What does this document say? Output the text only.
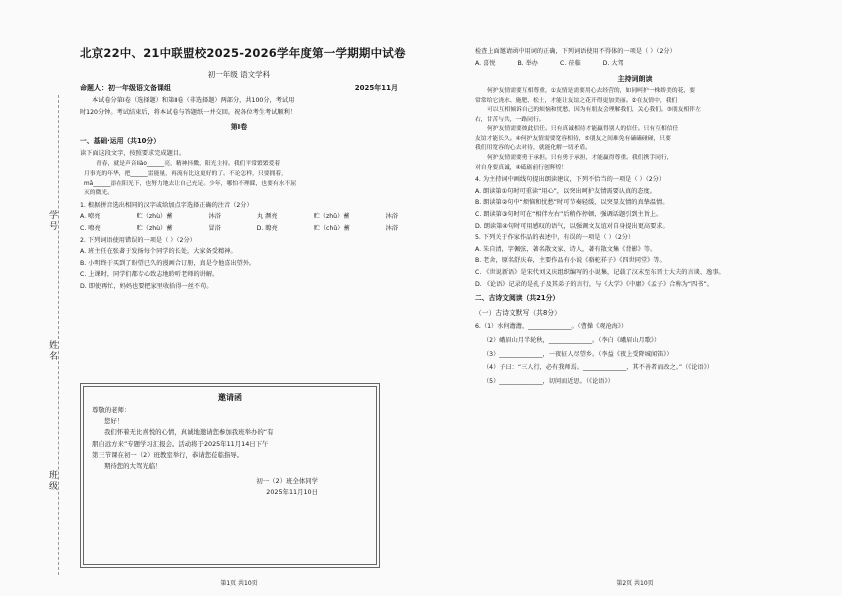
学号
姓名
班级
北京22中、21中联盟校2025-2026学年度第一学期期中试卷
初一年级 语文学科
命题人：初一年级语文备课组	2025年11月
本试卷分第Ⅰ卷（选择题）和第Ⅱ卷（非选择题）两部分，共100分，考试用
时120分钟。考试结束后，将本试卷与答题纸一并交回。祝各位考生考试顺利！
第Ⅰ卷
一、基础·运用（共10分）
读下面这段文字，按照要求完成题目。
青春，就是声音liào______亮，精神抖擞，阳光主持。我们平常繁繁爱着
月事光的年华，把______雷能量，再流有比这更好的了。不论怎样，只要拥着，
mā______添在阳光下，也努力地去让自己充足。少年，哪怕不理睬，也要有水不屈
灭的微光。
1. 根据拼音选出相同的汉字或给加点字选择正确的注音（2分）
A. 嘹亮	贮（zhù）蓄	沐浴	丸 濒亮	贮（zhǔ）蓄	沐浴
C. 嘹亮	贮（zhù）蓄	冒浴	D. 瞭亮	贮（chǔ）蓄	沐浴
2. 下列词语使用错误的一项是（ ）（2分）
A. 班主任在张著于发扬每个同学的长处，大家备受精神。
B. 小明终于买到了盼望已久的漫画合订册，真是令他喜出望外。
C. 上课时，同学们都专心致志地聆听老师的讲解。
D. 即使再忙，妈妈也要把家里收拾得一丝不苟。
邀请函
尊敬的老师：
您好！
我们怀着无比喜悦的心情，真诚地邀请您参加我班举办的“有
朋自远方来”专题学习汇报会。活动将于2025年11月14日下午
第三节课在初一（2）班教室举行，恭请您莅临指导。
期待您的大驾光临！
初一（2）班全体同学
2025年11月10日
第1页 共10页
检查上面邀请函中用词的正确，下列词语使用不得体的一项是（ ）（2分）
A. 喜悦	B. 举办	C. 莅临	D. 大驾
主持词朗读
何护友情需要互相尊重，①友情是需要用心去经营的，如同呵护一株娇美的花，要
常常给它浇水、施肥、松土，才能让友谊之花开得更加美丽。②在友情中，我们
可以互相倾诉自己的烦恼和忧愁，因为有朋友会理解我们，关心我们。③朋友相伴左
右，甘苦与共，一路同行。
何护友情需要彼此信任。只有真诚相待才能赢得别人的信任。只有互相信任
友谊才能长久。④何护友情需要宽容相待，⑤朋友之间难免有磕磕碰碰，只要
我们用宽容的心去对待，就能化解一切矛盾。
何护友情需要勇于承担。只有勇于承担，才能赢得尊重。我们携手同行，
对自身要真诚，④砥砺前行创辉煌！
4. 为主持词中画线句提出朗读建议，下列不恰当的一项是（ ）（2分）
A. 朗读第①句时可重读“用心”，以突出呵护友情需要认真的态度。
B. 朗读第②句中“烦恼和忧愁”时可节奏轻缓，以突显友情的真挚温情。
C. 朗读第③句时可在“相伴左右”后稍作停顿，强调话题引到主旨上。
D. 朗读第④句时可用感叹的语气，以强调文友谊对自身提出更高要求。
5. 下列关于作家作品的表述中，有误的一项是（ ）（2分）
A. 朱自清，字佩弦，著名散文家、诗人，著有散文集《背影》等。
B. 老舍，原名舒庆春，主要作品有小说《骆驼祥子》《四世同堂》等。
C. 《世说新语》是宋代刘义庆组织编写的小说集，记载了汉末至东晋士大夫的言谈、逸事。
D. 《论语》记录的是孔子及其弟子的言行，与《大学》《中庸》《孟子》合称为“四书”。
二、古诗文阅读（共21分）
（一）古诗文默写（共8分）
6.（1）水何澹澹，______________。（曹操《观沧海》）
（2）峨眉山月半轮秋，______________。（李白《峨眉山月歌》）
（3）______________，一夜征人尽望乡。（李益《夜上受降城闻笛》）
（4）子曰：“三人行，必有我师焉。______________，其不善者而改之。”（《论语》）
（5）______________，切问而近思。（《论语》）
第2页 共10页
